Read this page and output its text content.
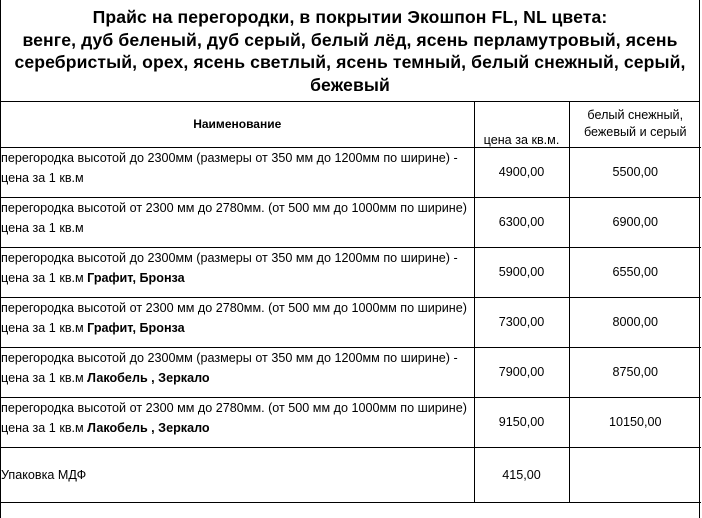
Прайс на перегородки, в покрытии Экошпон FL, NL цвета:
венге, дуб беленый, дуб серый, белый лёд, ясень перламутровый, ясень серебристый, орех, ясень светлый, ясень темный, белый снежный, серый, бежевый
Наименование	цена за кв.м.	белый снежный, бежевый и серый
перегородка высотой до 2300мм (размеры от 350 мм до 1200мм по ширине) - цена за 1 кв.м	4900,00	5500,00
перегородка высотой от 2300 мм до 2780мм. (от 500 мм до 1000мм по ширине) цена за 1 кв.м	6300,00	6900,00
перегородка высотой до 2300мм (размеры от 350 мм до 1200мм по ширине) - цена за 1 кв.м Графит, Бронза	5900,00	6550,00
перегородка высотой от 2300 мм до 2780мм. (от 500 мм до 1000мм по ширине) цена за 1 кв.м Графит, Бронза	7300,00	8000,00
перегородка высотой до 2300мм (размеры от 350 мм до 1200мм по ширине) - цена за 1 кв.м Лакобель , Зеркало	7900,00	8750,00
перегородка высотой от 2300 мм до 2780мм. (от 500 мм до 1000мм по ширине) цена за 1 кв.м Лакобель , Зеркало	9150,00	10150,00
Упаковка МДФ	415,00	
